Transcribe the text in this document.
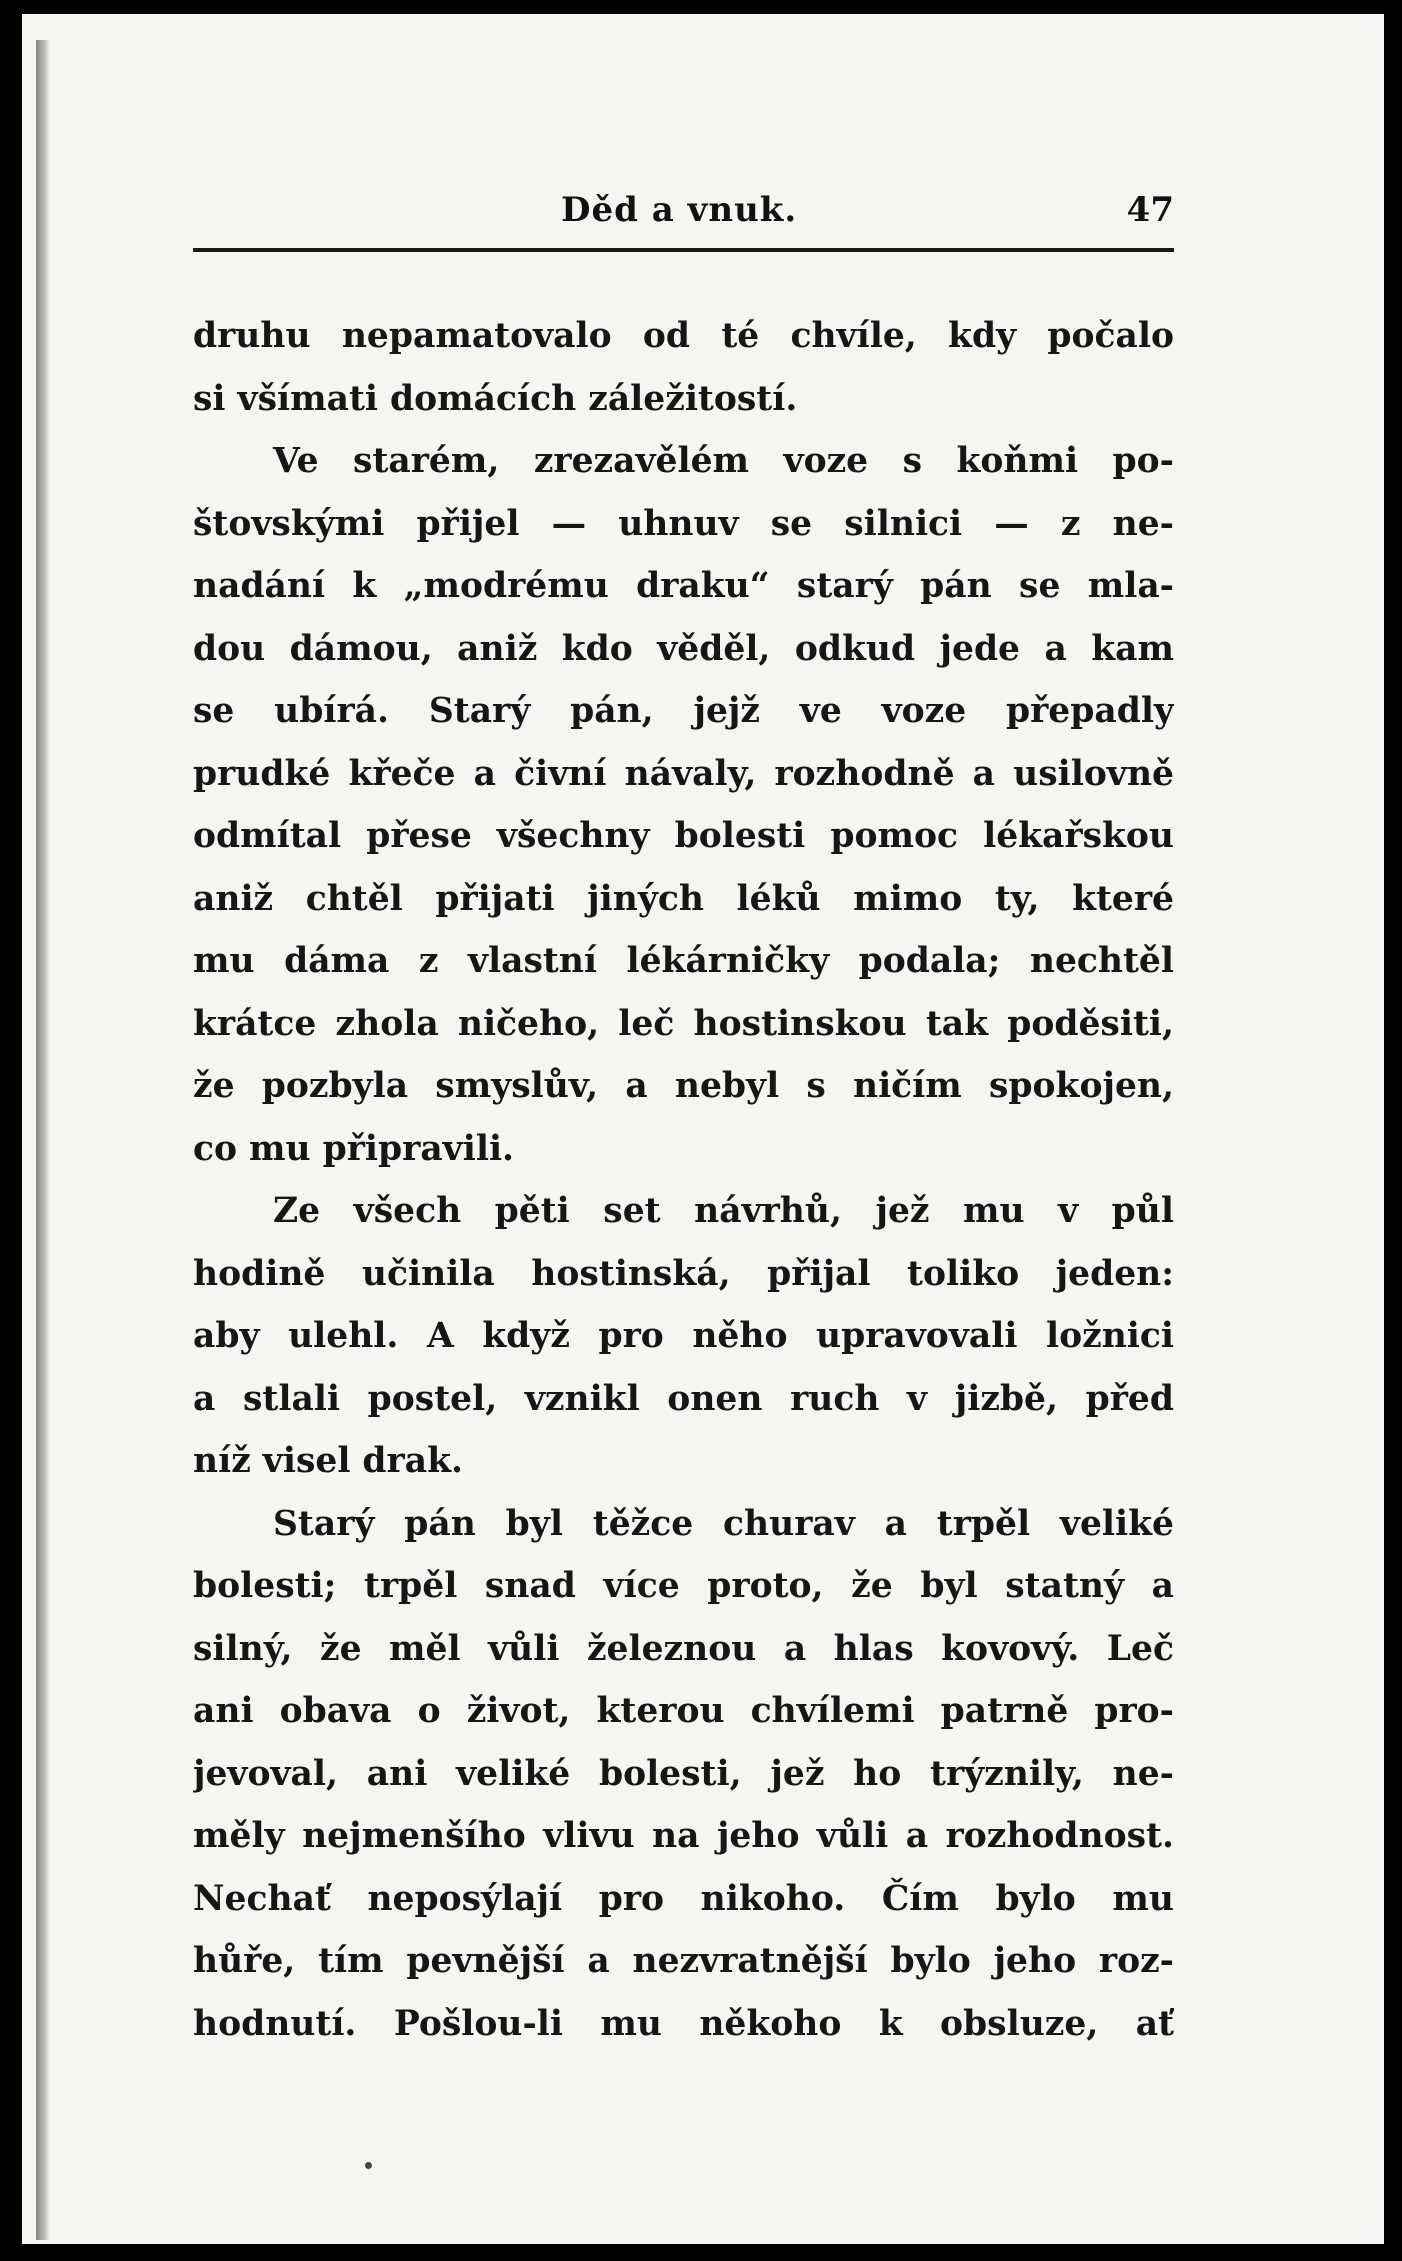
Děd a vnuk.	47
druhu nepamatovalo od té chvíle, kdy počalo
si všímati domácích záležitostí.
Ve starém, zrezavělém voze s koňmi po-
štovskými přijel — uhnuv se silnici — z ne-
nadání k „modrému draku“ starý pán se mla-
dou dámou, aniž kdo věděl, odkud jede a kam
se ubírá. Starý pán, jejž ve voze přepadly
prudké křeče a čivní návaly, rozhodně a usilovně
odmítal přese všechny bolesti pomoc lékařskou
aniž chtěl přijati jiných léků mimo ty, které
mu dáma z vlastní lékárničky podala; nechtěl
krátce zhola ničeho, leč hostinskou tak poděsiti,
že pozbyla smyslův, a nebyl s ničím spokojen,
co mu připravili.
Ze všech pěti set návrhů, jež mu v půl
hodině učinila hostinská, přijal toliko jeden:
aby ulehl. A když pro něho upravovali ložnici
a stlali postel, vznikl onen ruch v jizbě, před
níž visel drak.
Starý pán byl těžce churav a trpěl veliké
bolesti; trpěl snad více proto, že byl statný a
silný, že měl vůli železnou a hlas kovový. Leč
ani obava o život, kterou chvílemi patrně pro-
jevoval, ani veliké bolesti, jež ho trýznily, ne-
měly nejmenšího vlivu na jeho vůli a rozhodnost.
Nechať neposýlají pro nikoho. Čím bylo mu
hůře, tím pevnější a nezvratnější bylo jeho roz-
hodnutí. Pošlou-li mu někoho k obsluze, ať
